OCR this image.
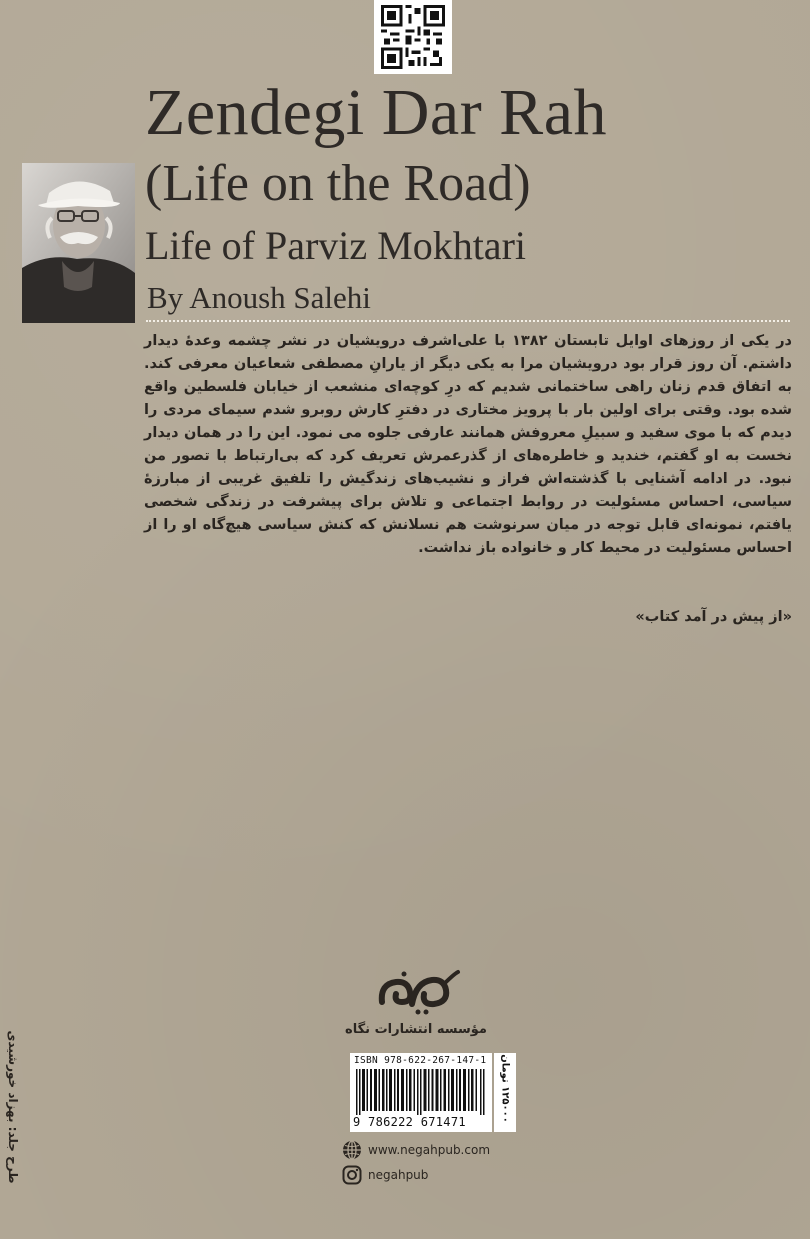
Zendegi Dar Rah
(Life on the Road)
Life of Parviz Mokhtari
By Anoush Salehi

در یکی از روزهای اوایل تابستان ۱۳۸۲ با علی‌اشرف درویشیان در نشر چشمه وعدهٔ دیدار داشتم. آن روز قرار بود درویشیان مرا به یکی دیگر از یارانِ مصطفی شعاعیان معرفی کند. به اتفاق قدم زنان راهی ساختمانی شدیم که درِ کوچه‌ای منشعب از خیابان فلسطین واقع شده بود. وقتی برای اولین بار با پرویز مختاری در دفترِ کارش روبرو شدم سیمای مردی را دیدم که با موی سفید و سبیلِ معروفش همانند عارفی جلوه می نمود. این را در همان دیدار نخست به او گفتم، خندید و خاطره‌های از گذرعمرش تعریف کرد که بی‌ارتباط با تصور من نبود. در ادامه آشنایی با گذشته‌اش فراز و نشیب‌های زندگیش را تلفیق غریبی از مبارزهٔ سیاسی، احساس مسئولیت در روابط اجتماعی و تلاش برای پیشرفت در زندگی شخصی یافتم، نمونه‌ای قابل توجه در میان سرنوشت هم نسلانش که کنش سیاسی هیچ‌گاه او را از احساس مسئولیت در محیط کار و خانواده باز نداشت.

«از پیش در آمد کتاب»
مؤسسه انتشارات نگاه
ISBN 978-622-267-147-1
9 786222 671471
۱۲۵۰۰۰ تومان
www.negahpub.com
negahpub
طرح جلد: بهزاد خورشیدی
